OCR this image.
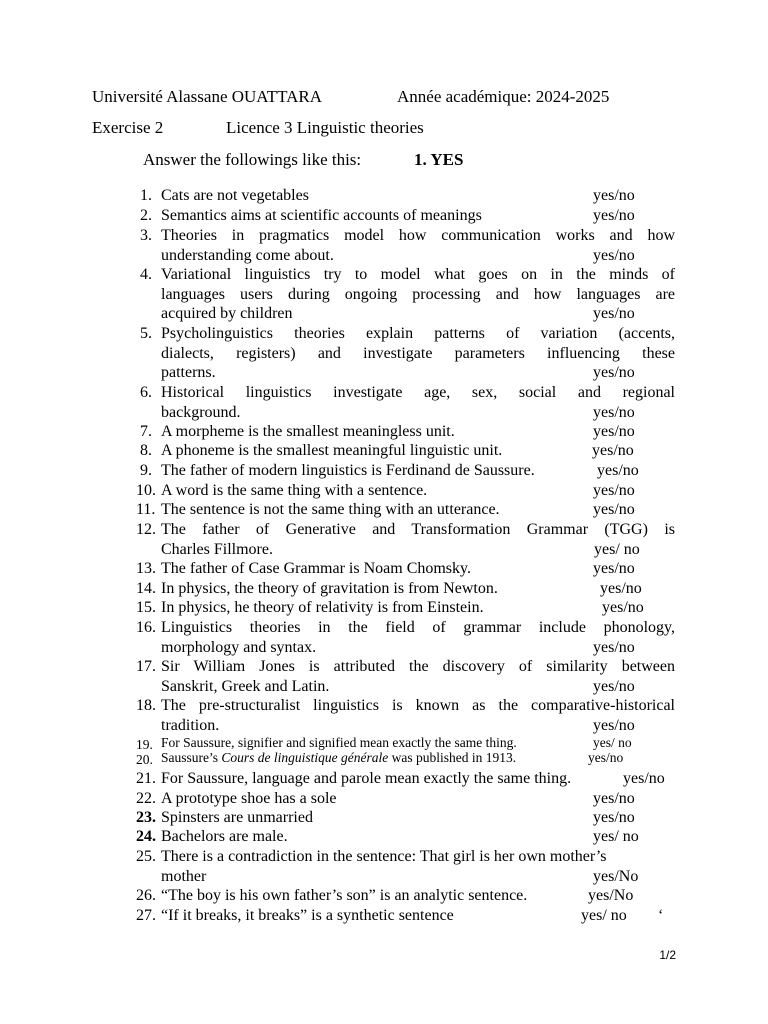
Université Alassane OUATTARA	Année académique: 2024-2025
Exercise 2	Licence 3 Linguistic theories
Answer the followings like this:	1. YES
1. Cats are not vegetables	yes/no
2. Semantics aims at scientific accounts of meanings	yes/no
3. Theories in pragmatics model how communication works and how
understanding come about.	yes/no
4. Variational linguistics try to model what goes on in the minds of
languages users during ongoing processing and how languages are
acquired by children	yes/no
5. Psycholinguistics theories explain patterns of variation (accents,
dialects, registers) and investigate parameters influencing these
patterns.	yes/no
6. Historical linguistics investigate age, sex, social and regional
background.	yes/no
7. A morpheme is the smallest meaningless unit.	yes/no
8. A phoneme is the smallest meaningful linguistic unit.	yes/no
9. The father of modern linguistics is Ferdinand de Saussure.	yes/no
10. A word is the same thing with a sentence.	yes/no
11. The sentence is not the same thing with an utterance.	yes/no
12. The father of Generative and Transformation Grammar (TGG) is
Charles Fillmore.	yes/ no
13. The father of Case Grammar is Noam Chomsky.	yes/no
14. In physics, the theory of gravitation is from Newton.	yes/no
15. In physics, he theory of relativity is from Einstein.	yes/no
16. Linguistics theories in the field of grammar include phonology,
morphology and syntax.	yes/no
17. Sir William Jones is attributed the discovery of similarity between
Sanskrit, Greek and Latin.	yes/no
18. The pre-structuralist linguistics is known as the comparative-historical
tradition.	yes/no
19. For Saussure, signifier and signified mean exactly the same thing.	yes/ no
20. Saussure’s Cours de linguistique générale was published in 1913.	yes/no
21. For Saussure, language and parole mean exactly the same thing.	yes/no
22. A prototype shoe has a sole	yes/no
23. Spinsters are unmarried	yes/no
24. Bachelors are male.	yes/ no
25. There is a contradiction in the sentence: That girl is her own mother’s
mother	yes/No
26. “The boy is his own father’s son” is an analytic sentence.	yes/No
27. “If it breaks, it breaks” is a synthetic sentence	yes/ no ‘
1/2
